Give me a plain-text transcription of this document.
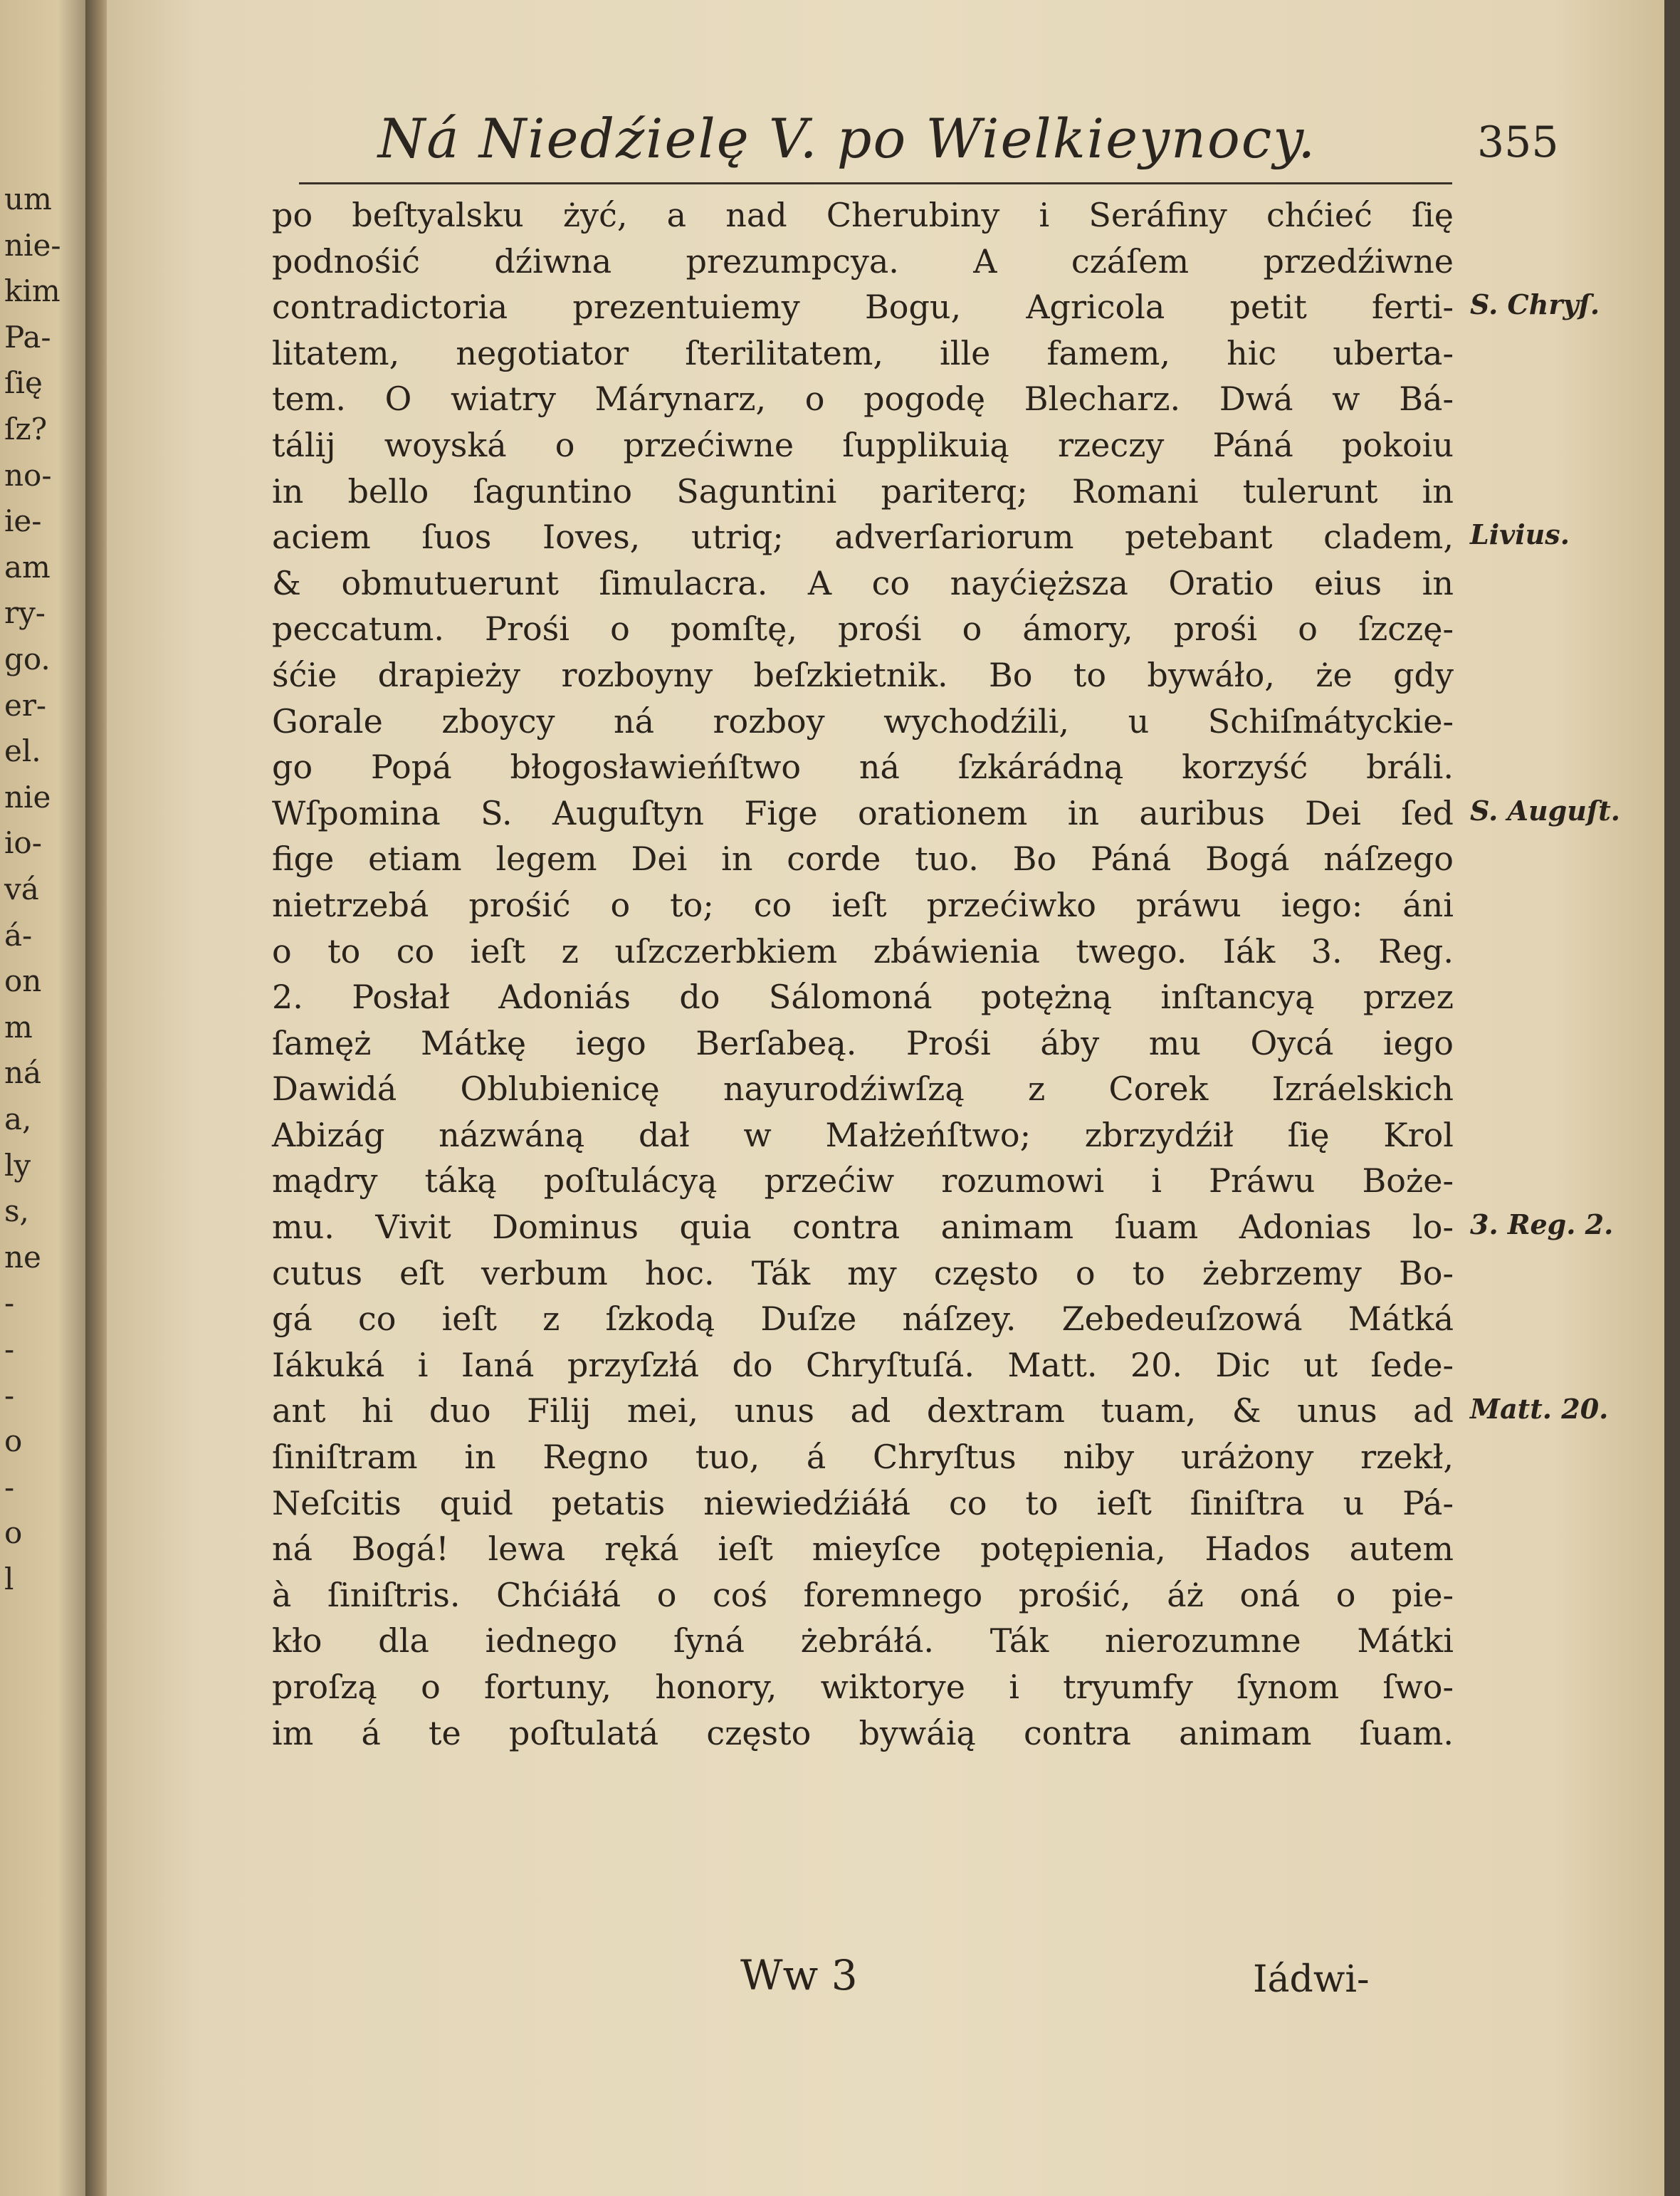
um
nie-
kim
Pa-
ſię
ſz?
no-
ie-
am
ry-
go.
er-
el.
nie
io-
vá
á-
on
m
ná
a,
ly
s,
ne
-
-
-
o
-
o
l
Ná Niedźielę V. po Wielkieynocy.	355
po beſtyalsku żyć, a nad Cherubiny i Seráfiny chćieć ſię
podnośić dźiwna prezumpcya. A czáſem przedźiwne
contradictoria prezentuiemy Bogu, Agricola petit ferti-
litatem, negotiator ſterilitatem, ille famem, hic uberta-
tem. O wiatry Márynarz, o pogodę Blecharz. Dwá w Bá-
tálij woyská o przećiwne ſupplikuią rzeczy Páná pokoiu
in bello ſaguntino Saguntini pariterq; Romani tulerunt in
aciem ſuos Ioves, utriq; adverſariorum petebant cladem,
& obmutuerunt ſimulacra. A co nayćięższa Oratio eius in
peccatum. Prośi o pomſtę, prośi o ámory, prośi o ſzczę-
śćie drapieży rozboyny beſzkietnik. Bo to bywáło, że gdy
Gorale zboycy ná rozboy wychodźili, u Schiſmátyckie-
go Popá błogosławieńſtwo ná ſzkárádną korzyść bráli.
Wſpomina S. Auguſtyn Fige orationem in auribus Dei ſed
fige etiam legem Dei in corde tuo. Bo Páná Bogá náſzego
nietrzebá prośić o to; co ieſt przećiwko práwu iego: áni
o to co ieſt z uſzczerbkiem zbáwienia twego. Iák 3. Reg.
2. Posłał Adoniás do Sálomoná potężną inſtancyą przez
ſamęż Mátkę iego Berſabeą. Prośi áby mu Oycá iego
Dawidá Oblubienicę nayurodźiwſzą z Corek Izráelskich
Abizág názwáną dał w Małżeńſtwo; zbrzydźił ſię Krol
mądry táką poſtulácyą przećiw rozumowi i Práwu Boże-
mu. Vivit Dominus quia contra animam ſuam Adonias lo-
cutus eſt verbum hoc. Ták my często o to żebrzemy Bo-
gá co ieſt z ſzkodą Duſze náſzey. Zebedeuſzowá Mátká
Iákuká i Ianá przyſzłá do Chryſtuſá. Matt. 20. Dic ut ſede-
ant hi duo Filij mei, unus ad dextram tuam, & unus ad
ſiniſtram in Regno tuo, á Chryſtus niby uráżony rzekł,
Neſcitis quid petatis niewiedźiáłá co to ieſt ſiniſtra u Pá-
ná Bogá! lewa ręká ieſt mieyſce potępienia, Hados autem
à ſiniſtris. Chćiáłá o coś foremnego prośić, áż oná o pie-
kło dla iednego ſyná żebráłá. Ták nierozumne Mátki
proſzą o fortuny, honory, wiktorye i tryumfy ſynom ſwo-
im á te poſtulatá często bywáią contra animam ſuam.
S. Chryſ.
Livius.
S. Auguſt.
3. Reg. 2.
Matt. 20.
Ww 3	Iádwi-
